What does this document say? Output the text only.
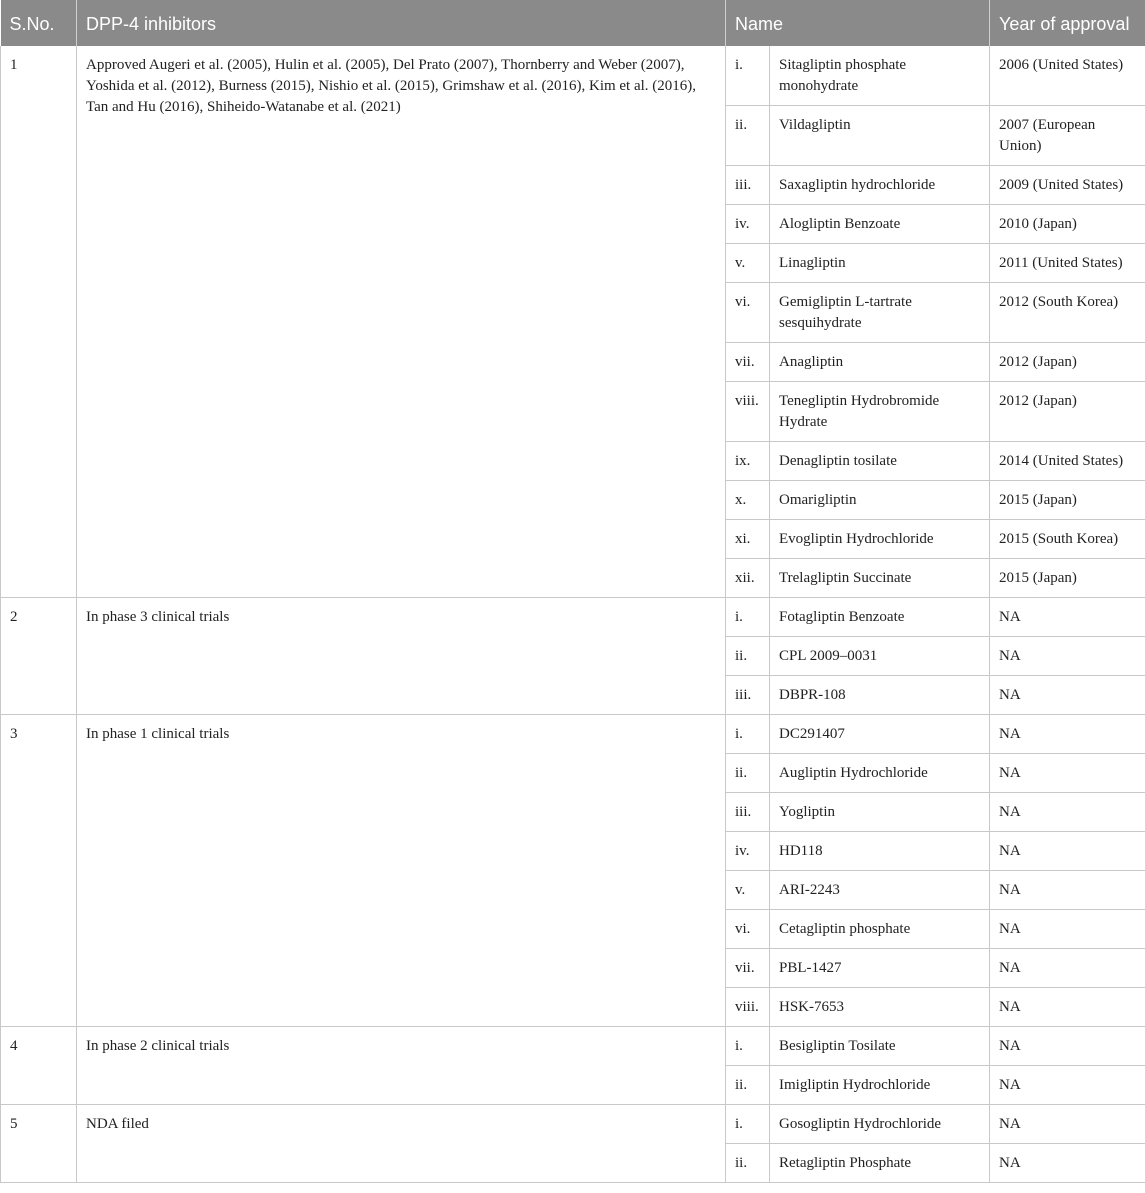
S.No.	DPP-4 inhibitors	Name		Year of approval
1	Approved Augeri et al. (2005), Hulin et al. (2005), Del Prato (2007), Thornberry and Weber (2007), Yoshida et al. (2012), Burness (2015), Nishio et al. (2015), Grimshaw et al. (2016), Kim et al. (2016), Tan and Hu (2016), Shiheido-Watanabe et al. (2021)	i.	Sitagliptin phosphate monohydrate	2006 (United States)
		ii.	Vildagliptin	2007 (European Union)
		iii.	Saxagliptin hydrochloride	2009 (United States)
		iv.	Alogliptin Benzoate	2010 (Japan)
		v.	Linagliptin	2011 (United States)
		vi.	Gemigliptin L-tartrate sesquihydrate	2012 (South Korea)
		vii.	Anagliptin	2012 (Japan)
		viii.	Tenegliptin Hydrobromide Hydrate	2012 (Japan)
		ix.	Denagliptin tosilate	2014 (United States)
		x.	Omarigliptin	2015 (Japan)
		xi.	Evogliptin Hydrochloride	2015 (South Korea)
		xii.	Trelagliptin Succinate	2015 (Japan)
2	In phase 3 clinical trials	i.	Fotagliptin Benzoate	NA
		ii.	CPL 2009–0031	NA
		iii.	DBPR-108	NA
3	In phase 1 clinical trials	i.	DC291407	NA
		ii.	Augliptin Hydrochloride	NA
		iii.	Yogliptin	NA
		iv.	HD118	NA
		v.	ARI-2243	NA
		vi.	Cetagliptin phosphate	NA
		vii.	PBL-1427	NA
		viii.	HSK-7653	NA
4	In phase 2 clinical trials	i.	Besigliptin Tosilate	NA
		ii.	Imigliptin Hydrochloride	NA
5	NDA filed	i.	Gosogliptin Hydrochloride	NA
		ii.	Retagliptin Phosphate	NA
